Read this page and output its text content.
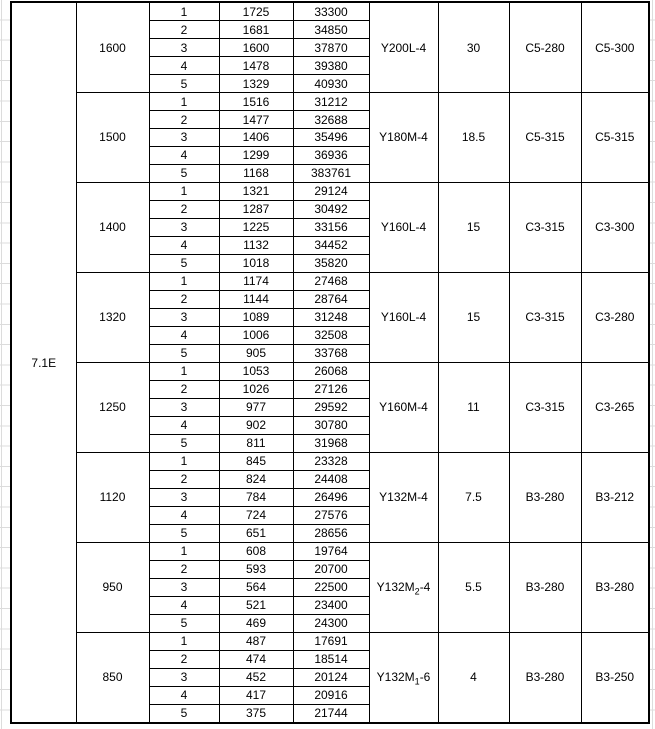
7.1E	1600	1	1725	33300	Y200L-4	30	C5-280	C5-300
		2	1681	34850				
		3	1600	37870				
		4	1478	39380				
		5	1329	40930				
	1500	1	1516	31212	Y180M-4	18.5	C5-315	C5-315
		2	1477	32688				
		3	1406	35496				
		4	1299	36936				
		5	1168	383761				
	1400	1	1321	29124	Y160L-4	15	C3-315	C3-300
		2	1287	30492				
		3	1225	33156				
		4	1132	34452				
		5	1018	35820				
	1320	1	1174	27468	Y160L-4	15	C3-315	C3-280
		2	1144	28764				
		3	1089	31248				
		4	1006	32508				
		5	905	33768				
	1250	1	1053	26068	Y160M-4	11	C3-315	C3-265
		2	1026	27126				
		3	977	29592				
		4	902	30780				
		5	811	31968				
	1120	1	845	23328	Y132M-4	7.5	B3-280	B3-212
		2	824	24408				
		3	784	26496				
		4	724	27576				
		5	651	28656				
	950	1	608	19764	$Y132M_2-4$	5.5	B3-280	B3-280
		2	593	20700				
		3	564	22500				
		4	521	23400				
		5	469	24300				
	850	1	487	17691	$Y132M_1-6$	4	B3-280	B3-250
		2	474	18514				
		3	452	20124				
		4	417	20916				
		5	375	21744				
